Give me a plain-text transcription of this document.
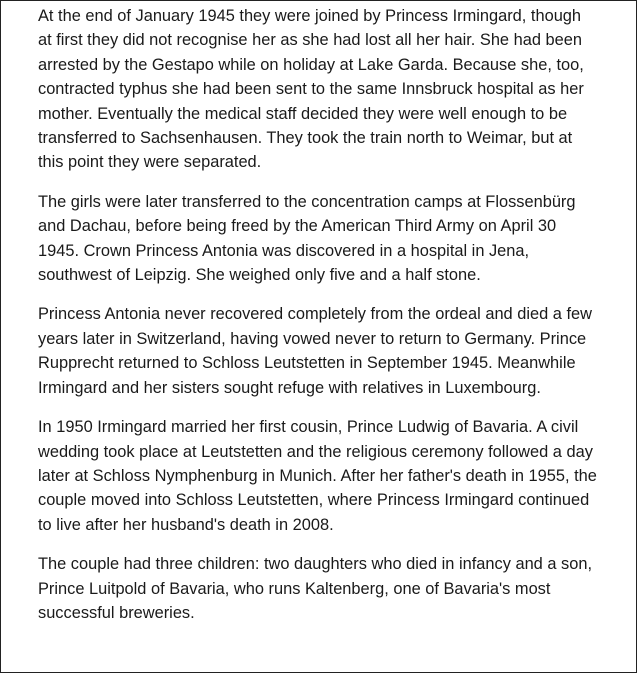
At the end of January 1945 they were joined by Princess Irmingard, though at first they did not recognise her as she had lost all her hair. She had been arrested by the Gestapo while on holiday at Lake Garda. Because she, too, contracted typhus she had been sent to the same Innsbruck hospital as her mother. Eventually the medical staff decided they were well enough to be transferred to Sachsenhausen. They took the train north to Weimar, but at this point they were separated.

The girls were later transferred to the concentration camps at Flossenbürg and Dachau, before being freed by the American Third Army on April 30 1945. Crown Princess Antonia was discovered in a hospital in Jena, southwest of Leipzig. She weighed only five and a half stone.

Princess Antonia never recovered completely from the ordeal and died a few years later in Switzerland, having vowed never to return to Germany. Prince Rupprecht returned to Schloss Leutstetten in September 1945. Meanwhile Irmingard and her sisters sought refuge with relatives in Luxembourg.

In 1950 Irmingard married her first cousin, Prince Ludwig of Bavaria. A civil wedding took place at Leutstetten and the religious ceremony followed a day later at Schloss Nymphenburg in Munich. After her father's death in 1955, the couple moved into Schloss Leutstetten, where Princess Irmingard continued to live after her husband's death in 2008.

The couple had three children: two daughters who died in infancy and a son, Prince Luitpold of Bavaria, who runs Kaltenberg, one of Bavaria's most successful breweries.
